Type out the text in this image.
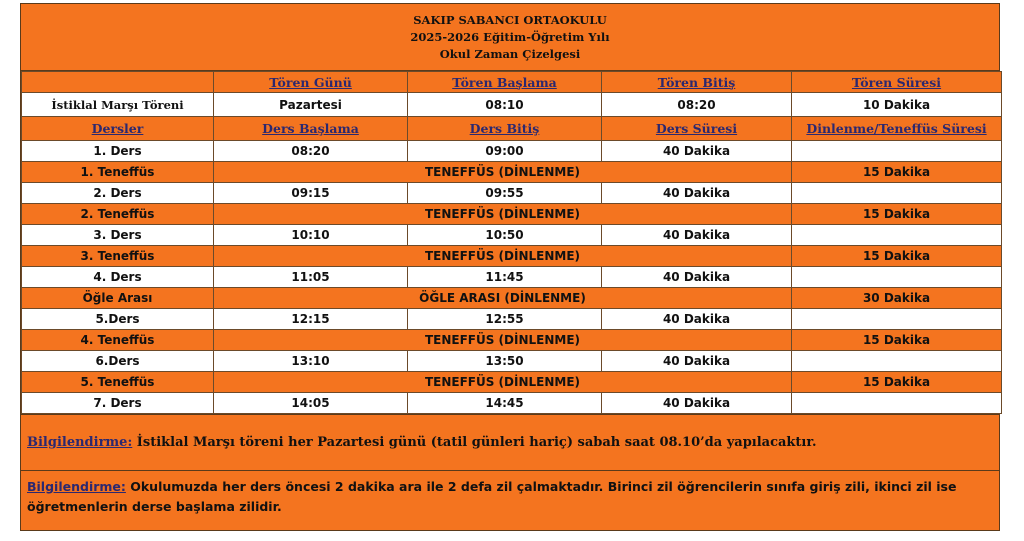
SAKIP SABANCI ORTAOKULU
2025-2026 Eğitim-Öğretim Yılı
Okul Zaman Çizelgesi
	Tören Günü	Tören Başlama	Tören Bitiş	Tören Süresi
İstiklal Marşı Töreni	Pazartesi	08:10	08:20	10 Dakika
Dersler	Ders Başlama	Ders Bitiş	Ders Süresi	Dinlenme/Teneffüs Süresi
1. Ders	08:20	09:00	40 Dakika	
1. Teneffüs	TENEFFÜS (DİNLENME)			15 Dakika
2. Ders	09:15	09:55	40 Dakika	
2. Teneffüs	TENEFFÜS (DİNLENME)			15 Dakika
3. Ders	10:10	10:50	40 Dakika	
3. Teneffüs	TENEFFÜS (DİNLENME)			15 Dakika
4. Ders	11:05	11:45	40 Dakika	
Öğle Arası	ÖĞLE ARASI (DİNLENME)			30 Dakika
5.Ders	12:15	12:55	40 Dakika	
4. Teneffüs	TENEFFÜS (DİNLENME)			15 Dakika
6.Ders	13:10	13:50	40 Dakika	
5. Teneffüs	TENEFFÜS (DİNLENME)			15 Dakika
7. Ders	14:05	14:45	40 Dakika	
Bilgilendirme: İstiklal Marşı töreni her Pazartesi günü (tatil günleri hariç) sabah saat 08.10’da yapılacaktır.
Bilgilendirme: Okulumuzda her ders öncesi 2 dakika ara ile 2 defa zil çalmaktadır. Birinci zil öğrencilerin sınıfa giriş zili, ikinci zil ise öğretmenlerin derse başlama zilidir.
